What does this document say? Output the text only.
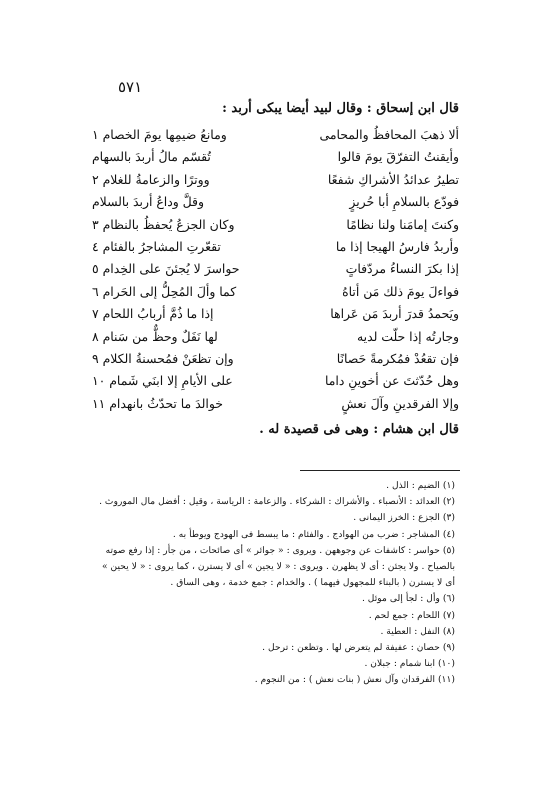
٥٧١
قال ابن إسحاق : وقال لبيد أيضا يبكى أربد :
ألا ذهبَ المحافظُ والمحامى
ومانعُ ضيمِها يومَ الخصام ١
وأيقنتُ التفرّقَ يومَ قالوا
تُقسّم مالُ أربدَ بالسهام
تطيرُ عدائدُ الأشراكِ شفعًا
ووترًا والزعامةُ للغلام ٢
فودّع بالسلامِ أبا حُريزٍ
وقلَّ وداعُ أربدَ بالسلام
وكنتَ إمامَنا ولنا نظامًا
وكان الجزعُ يُحفظُ بالنظام ٣
وأربدُ فارسُ الهيجا إذا ما
تقعّرتِ المشاجرُ بالفئام ٤
إذا بكرَ النساءُ مردّفاتٍ
حواسرَ لا يُجئنَ على الخِدام ٥
فواءلَ يومَ ذلك مَن أتاهُ
كما وألَ المُحِلُّ إلى الحَرام ٦
ويَحمدُ قدرَ أربدَ مَن عَراها
إذا ما ذُمَّ أربابُ اللحام ٧
وجارتُه إذا حلّت لديه
لها نَفَلٌ وحظٌّ من سَنام ٨
فإن تقعُدْ فمُكرمةً حَصانًا
وإن تظعَنْ فمُحسنةُ الكلام ٩
وهل حُدّثتَ عن أخوينِ داما
على الأيامِ إلا ابنَي شَمام ١٠
وإلا الفرقدينِ وآلَ نعشٍ
خوالدَ ما تحدّثُ بانهدام ١١
قال ابن هشام : وهى فى قصيدة له .
(١) الضيم : الذل .
(٢) العدائد : الأنصباء . والأشراك : الشركاء . والزعامة : الرياسة ، وقيل : أفضل مال الموروث .
(٣) الجزع : الخرز اليمانى .
(٤) المشاجر : ضرب من الهوادج . والفئام : ما يبسط فى الهودج ويوطأ به .
(٥) حواسر : كاشفات عن وجوههن . ويروى : « جوائر » أى صائحات ، من جأر : إذا رفع صوته بالصياح . ولا يجئن : أى لا يظهرن . ويروى : « لا يجين » أى لا يسترن ، كما يروى : « لا يحين » أى لا يسترن ( بالبناء للمجهول فيهما ) . والخدام : جمع خدمة ، وهى الساق .
(٦) وأل : لجأ إلى موئل .
(٧) اللحام : جمع لحم .
(٨) النفل : العطية .
(٩) حصان : عفيفة لم يتعرض لها . وتظعن : ترحل .
(١٠) ابنا شمام : جبلان .
(١١) الفرقدان وآل نعش ( بنات نعش ) : من النجوم .
